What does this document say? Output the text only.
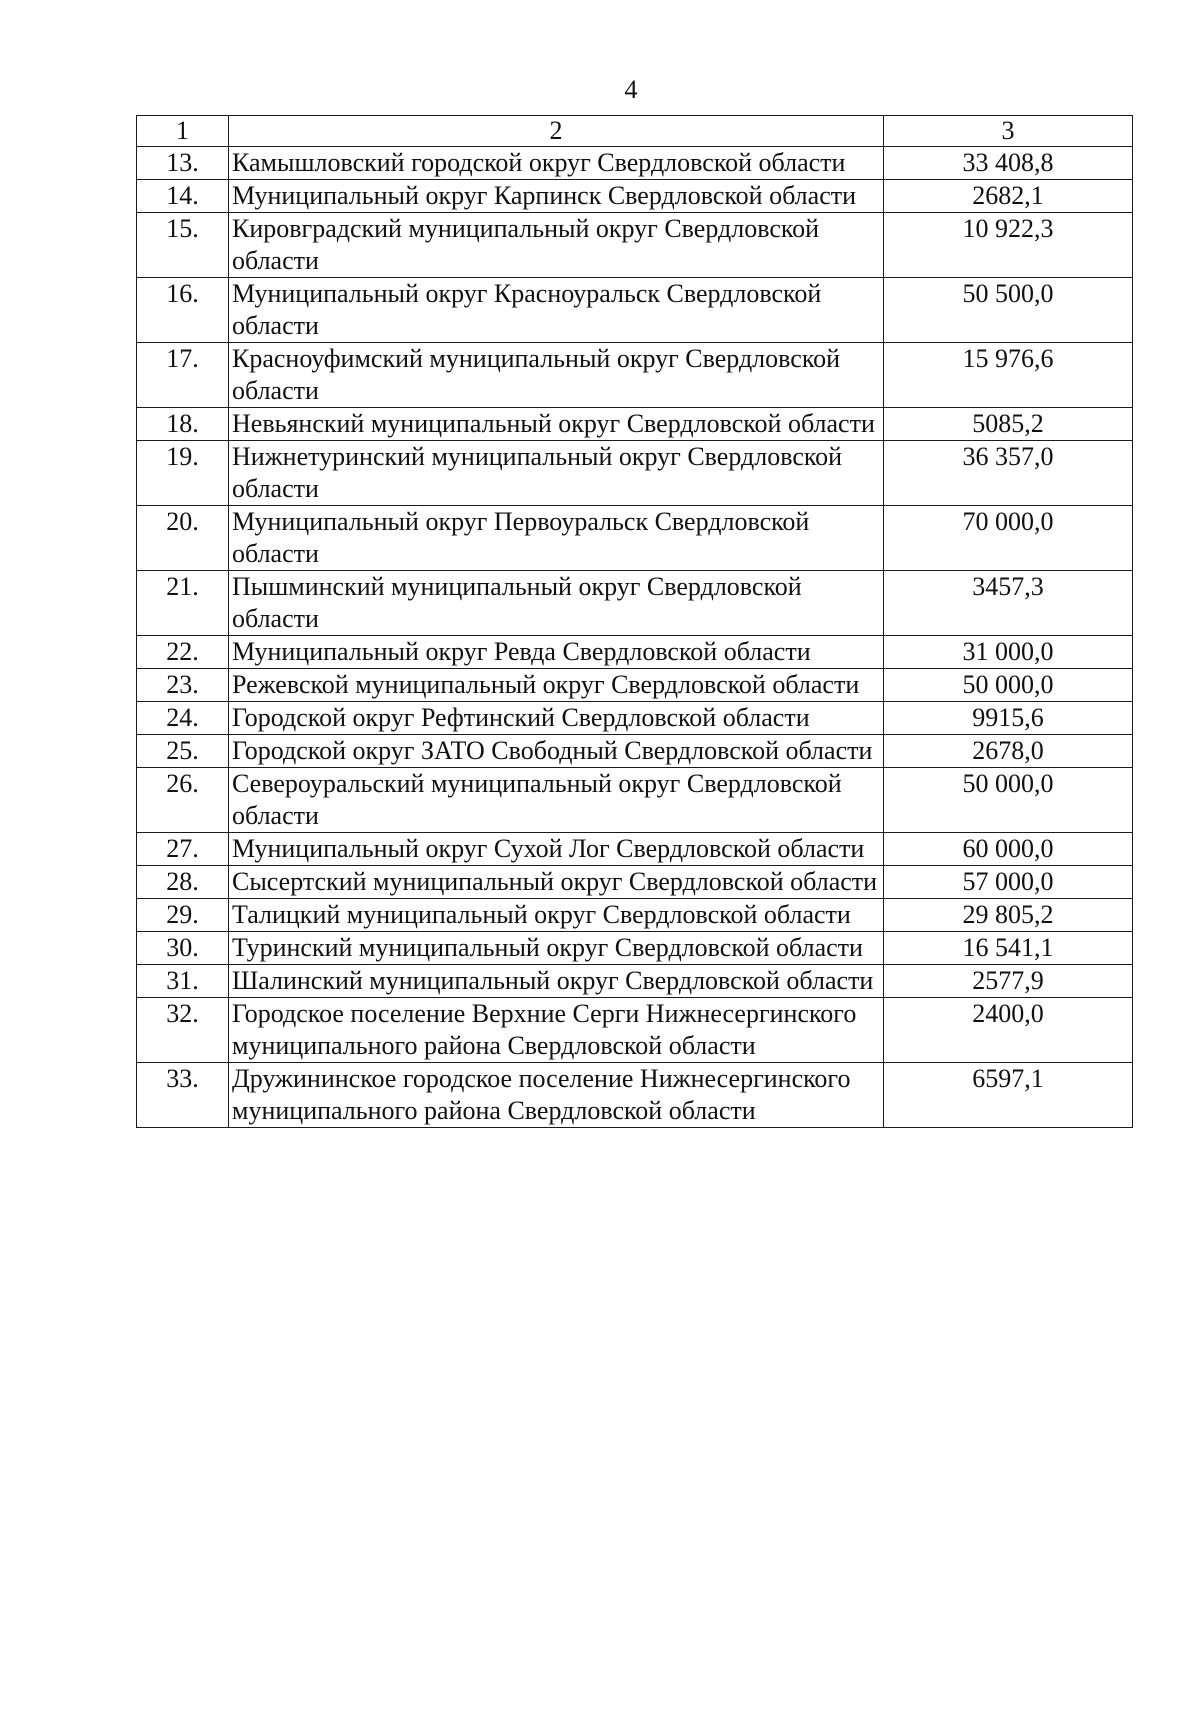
4
1	2	3
13.	Камышловский городской округ Свердловской области	33 408,8
14.	Муниципальный округ Карпинск Свердловской области	2682,1
15.	Кировградский муниципальный округ Свердловской области	10 922,3
16.	Муниципальный округ Красноуральск Свердловской области	50 500,0
17.	Красноуфимский муниципальный округ Свердловской области	15 976,6
18.	Невьянский муниципальный округ Свердловской области	5085,2
19.	Нижнетуринский муниципальный округ Свердловской области	36 357,0
20.	Муниципальный округ Первоуральск Свердловской области	70 000,0
21.	Пышминский муниципальный округ Свердловской области	3457,3
22.	Муниципальный округ Ревда Свердловской области	31 000,0
23.	Режевской муниципальный округ Свердловской области	50 000,0
24.	Городской округ Рефтинский Свердловской области	9915,6
25.	Городской округ ЗАТО Свободный Свердловской области	2678,0
26.	Североуральский муниципальный округ Свердловской области	50 000,0
27.	Муниципальный округ Сухой Лог Свердловской области	60 000,0
28.	Сысертский муниципальный округ Свердловской области	57 000,0
29.	Талицкий муниципальный округ Свердловской области	29 805,2
30.	Туринский муниципальный округ Свердловской области	16 541,1
31.	Шалинский муниципальный округ Свердловской области	2577,9
32.	Городское поселение Верхние Серги Нижнесергинского муниципального района Свердловской области	2400,0
33.	Дружининское городское поселение Нижнесергинского муниципального района Свердловской области	6597,1
